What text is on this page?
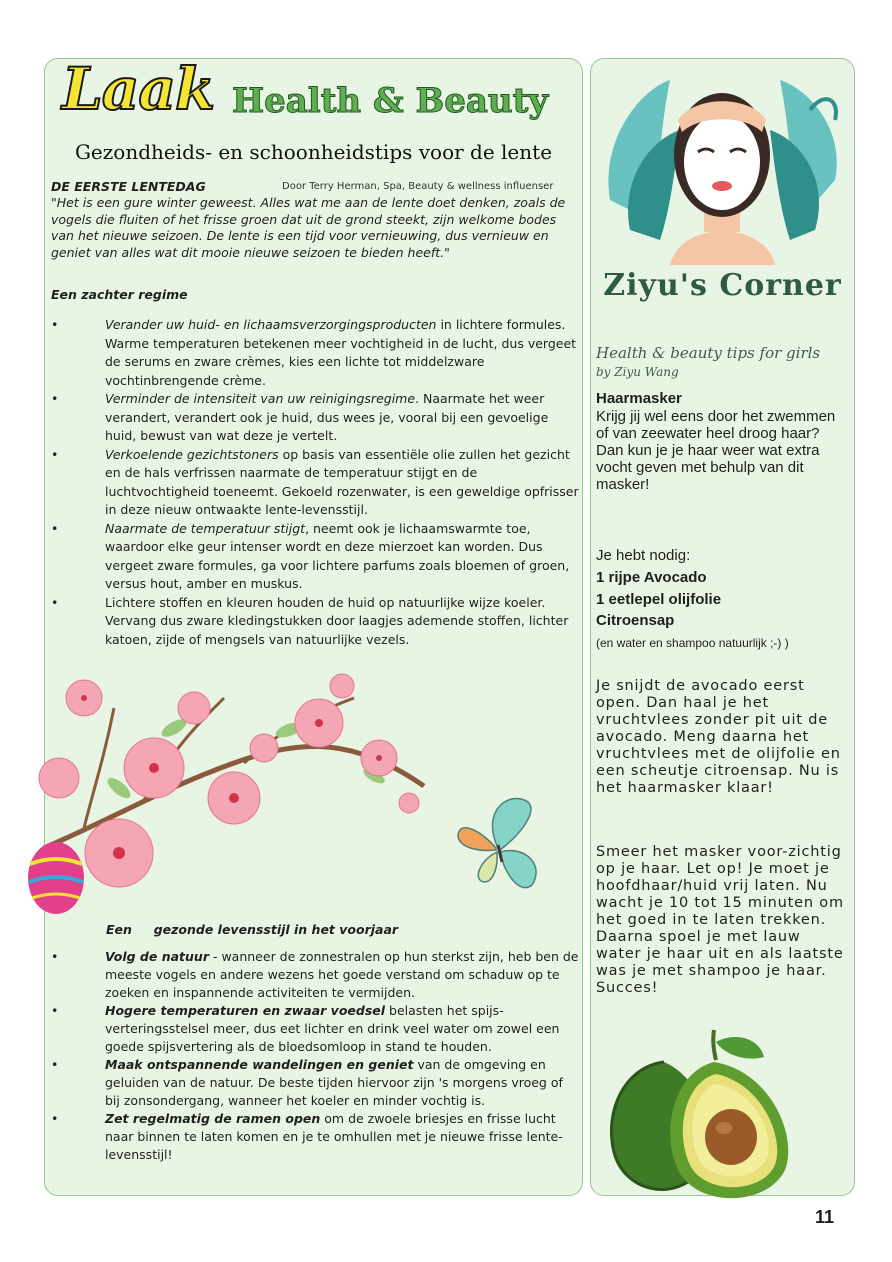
Laak Health & Beauty
Gezondheids- en schoonheidstips voor de lente
DE EERSTE LENTEDAG	Door Terry Herman, Spa, Beauty & wellness influenser

"Het is een gure winter geweest. Alles wat me aan de lente doet denken, zoals de vogels die fluiten of het frisse groen dat uit de grond steekt, zijn welkome bodes van het nieuwe seizoen. De lente is een tijd voor vernieuwing, dus vernieuw en geniet van alles wat dit mooie nieuwe seizoen te bieden heeft."

Een zachter regime
•	Verander uw huid- en lichaamsverzorgingsproducten in lichtere formules. Warme temperaturen betekenen meer vochtigheid in de lucht, dus vergeet de serums en zware crèmes, kies een lichte tot middelzware vochtinbrengende crème.
•	Verminder de intensiteit van uw reinigingsregime. Naarmate het weer verandert, verandert ook je huid, dus wees je, vooral bij een gevoelige huid, bewust van wat deze je vertelt.
•	Verkoelende gezichtstoners op basis van essentiële olie zullen het gezicht en de hals verfrissen naarmate de temperatuur stijgt en de luchtvochtigheid toeneemt. Gekoeld rozenwater, is een geweldige opfrisser in deze nieuw ontwaakte lente-levensstijl.
•	Naarmate de temperatuur stijgt, neemt ook je lichaamswarmte toe, waardoor elke geur intenser wordt en deze mierzoet kan worden. Dus vergeet zware formules, ga voor lichtere parfums zoals bloemen of groen, versus hout, amber en muskus.
•	Lichtere stoffen en kleuren houden de huid op natuurlijke wijze koeler. Vervang dus zware kledingstukken door laagjes ademende stoffen, lichter katoen, zijde of mengsels van natuurlijke vezels.
Een gezonde levensstijl in het voorjaar
•	Volg de natuur - wanneer de zonnestralen op hun sterkst zijn, heb ben de meeste vogels en andere wezens het goede verstand om schaduw op te zoeken en inspannende activiteiten te vermijden.
•	Hogere temperaturen en zwaar voedsel belasten het spijs-verteringsstelsel meer, dus eet lichter en drink veel water om zowel een goede spijsvertering als de bloedsomloop in stand te houden.
•	Maak ontspannende wandelingen en geniet van de omgeving en geluiden van de natuur. De beste tijden hiervoor zijn 's morgens vroeg of bij zonsondergang, wanneer het koeler en minder vochtig is.
•	Zet regelmatig de ramen open om de zwoele briesjes en frisse lucht naar binnen te laten komen en je te omhullen met je nieuwe frisse lente-levensstijl!
Ziyu's Corner
Health & beauty tips for girls
by Ziyu Wang
Haarmasker

Krijg jij wel eens door het zwemmen of van zeewater heel droog haar? Dan kun je je haar weer wat extra vocht geven met behulp van dit masker!

Je hebt nodig:

1 rijpe Avocado
1 eetlepel olijfolie
Citroensap
(en water en shampoo natuurlijk ;-) )

Je snijdt de avocado eerst open. Dan haal je het vruchtvlees zonder pit uit de avocado. Meng daarna het vruchtvlees met de olijfolie en een scheutje citroensap. Nu is het haarmasker klaar!

Smeer het masker voor-zichtig op je haar. Let op! Je moet je hoofdhaar/huid vrij laten. Nu wacht je 10 tot 15 minuten om het goed in te laten trekken. Daarna spoel je met lauw water je haar uit en als laatste was je met shampoo je haar. Succes!

11
